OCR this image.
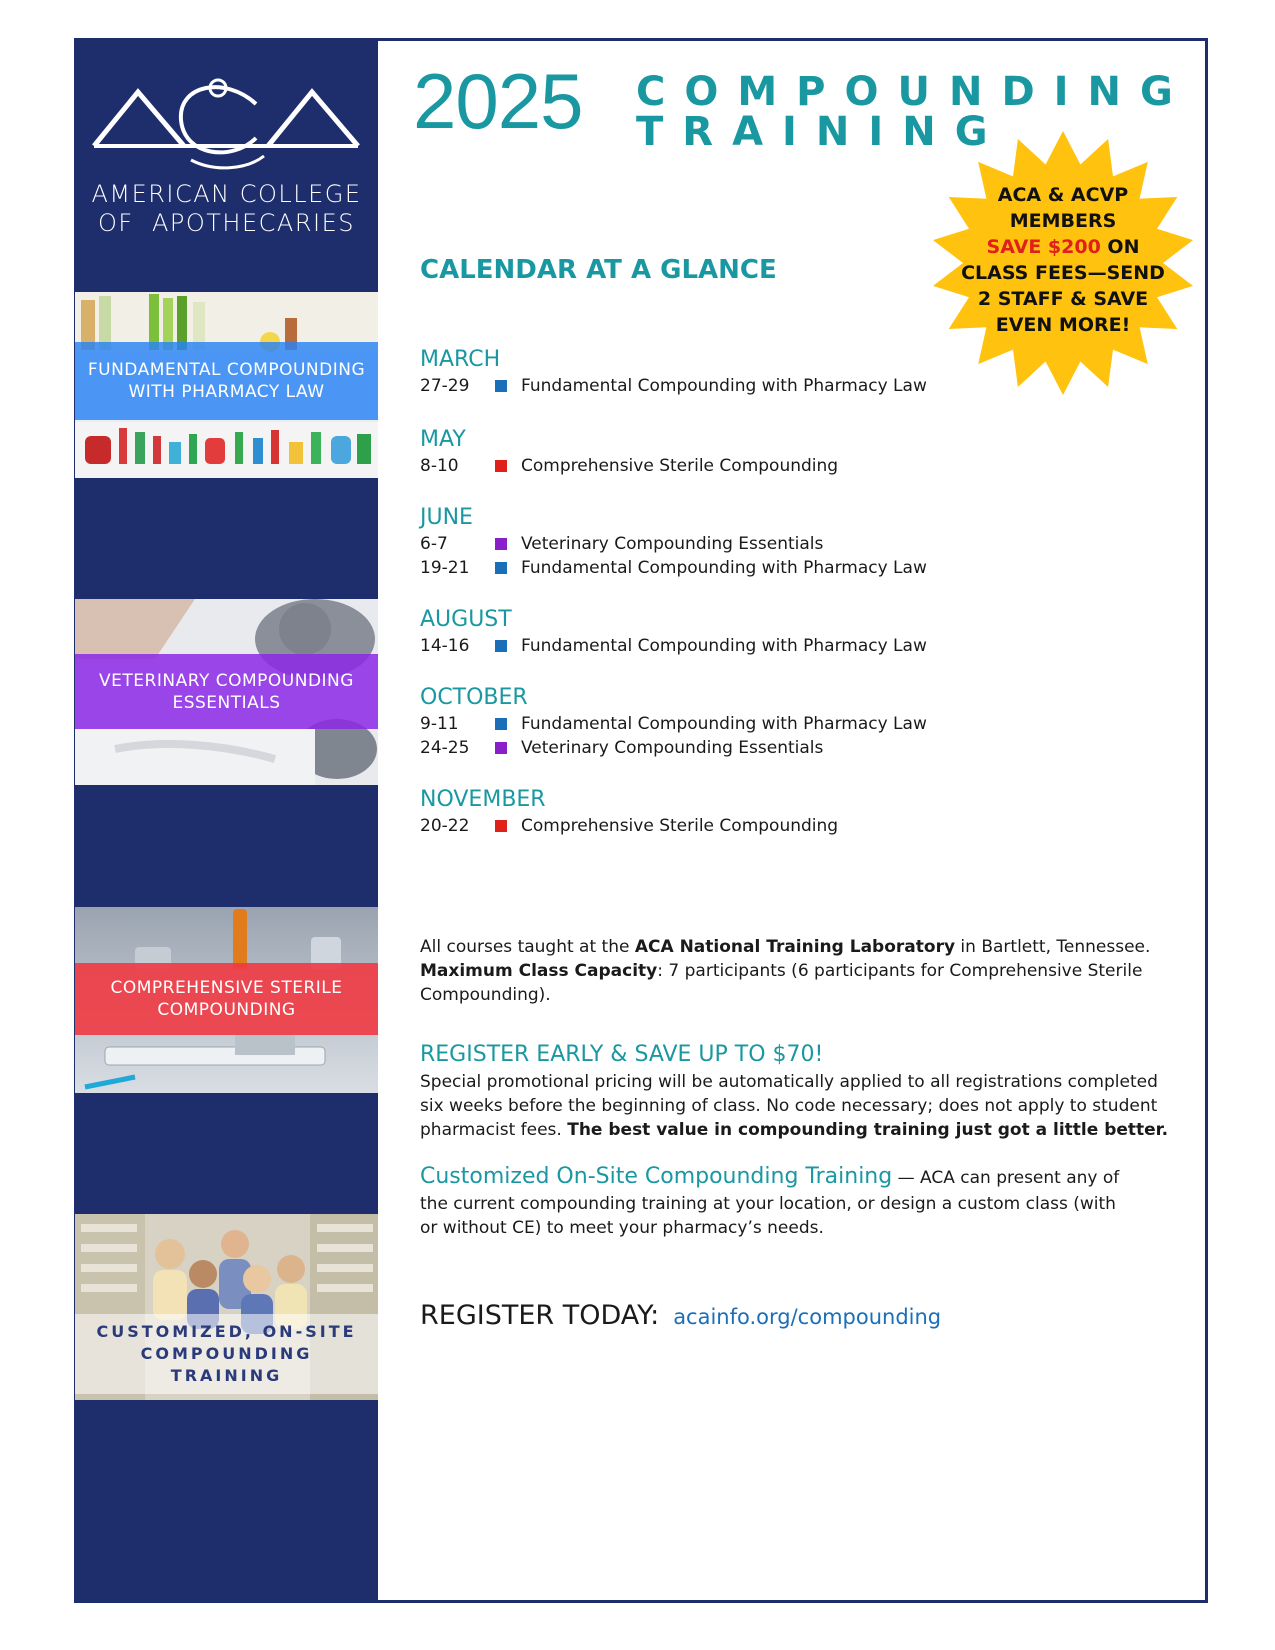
AMERICAN COLLEGE
OF  APOTHECARIES
FUNDAMENTAL COMPOUNDING
WITH PHARMACY LAW
VETERINARY COMPOUNDING
ESSENTIALS
COMPREHENSIVE STERILE
COMPOUNDING
CUSTOMIZED, ON-SITE
COMPOUNDING
TRAINING
2025 COMPOUNDING
TRAINING
ACA & ACVP
MEMBERS
SAVE $200 ON
CLASS FEES—SEND
2 STAFF & SAVE
EVEN MORE!
CALENDAR AT A GLANCE
MARCH
27-29	Fundamental Compounding with Pharmacy Law
MAY
8-10	Comprehensive Sterile Compounding
JUNE
6-7	Veterinary Compounding Essentials
19-21	Fundamental Compounding with Pharmacy Law
AUGUST
14-16	Fundamental Compounding with Pharmacy Law
OCTOBER
9-11	Fundamental Compounding with Pharmacy Law
24-25	Veterinary Compounding Essentials
NOVEMBER
20-22	Comprehensive Sterile Compounding
All courses taught at the ACA National Training Laboratory in Bartlett, Tennessee.
Maximum Class Capacity: 7 participants (6 participants for Comprehensive Sterile Compounding).
REGISTER EARLY & SAVE UP TO $70!
Special promotional pricing will be automatically applied to all registrations completed six weeks before the beginning of class. No code necessary; does not apply to student pharmacist fees. The best value in compounding training just got a little better.
Customized On-Site Compounding Training — ACA can present any of the current compounding training at your location, or design a custom class (with or without CE) to meet your pharmacy’s needs.
REGISTER TODAY: acainfo.org/compounding
